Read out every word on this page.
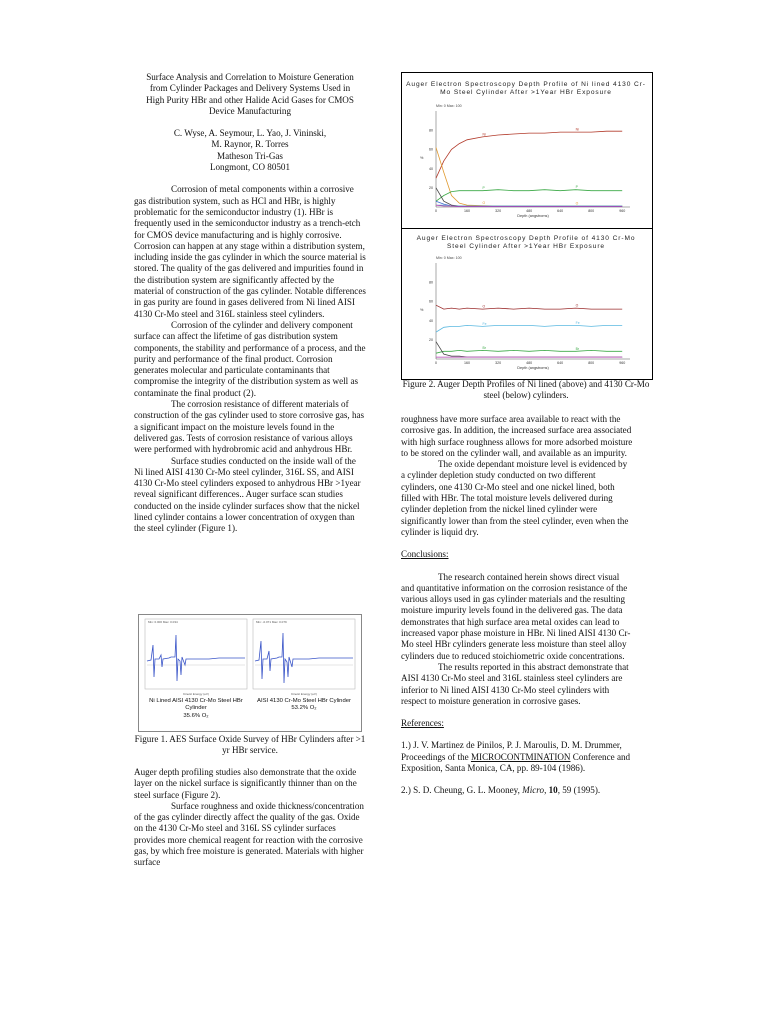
Surface Analysis and Correlation to Moisture Generation
from Cylinder Packages and Delivery Systems Used in
High Purity HBr and other Halide Acid Gases for CMOS
Device Manufacturing
C. Wyse, A. Seymour, L. Yao, J. Vininski,
M. Raynor, R. Torres
Matheson Tri-Gas
Longmont, CO 80501

Corrosion of metal components within a corrosive gas distribution system, such as HCl and HBr, is highly problematic for the semiconductor industry (1). HBr is frequently used in the semiconductor industry as a trench-etch for CMOS device manufacturing and is highly corrosive. Corrosion can happen at any stage within a distribution system, including inside the gas cylinder in which the source material is stored. The quality of the gas delivered and impurities found in the distribution system are significantly affected by the material of construction of the gas cylinder. Notable differences in gas purity are found in gases delivered from Ni lined AISI 4130 Cr-Mo steel and 316L stainless steel cylinders.

Corrosion of the cylinder and delivery component surface can affect the lifetime of gas distribution system components, the stability and performance of a process, and the purity and performance of the final product. Corrosion generates molecular and particulate contaminants that compromise the integrity of the distribution system as well as contaminate the final product (2).

The corrosion resistance of different materials of construction of the gas cylinder used to store corrosive gas, has a significant impact on the moisture levels found in the delivered gas. Tests of corrosion resistance of various alloys were performed with hydrobromic acid and anhydrous HBr.

Surface studies conducted on the inside wall of the Ni lined AISI 4130 Cr-Mo steel cylinder, 316L SS, and AISI 4130 Cr-Mo steel cylinders exposed to anhydrous HBr >1year reveal significant differences.. Auger surface scan studies conducted on the inside cylinder surfaces show that the nickel lined cylinder contains a lower concentration of oxygen than the steel cylinder (Figure 1).

Min: 0.000 Max: 0.034	Min: -0.071 Max: 0.079
Kinetic Energy (eV)	Kinetic Energy (eV)
Ni Lined AISI 4130 Cr-Mo Steel HBr Cylinder
35.6% O₂
AISI 4130 Cr-Mo Steel HBr Cylinder
53.2% O₂
Figure 1. AES Surface Oxide Survey of HBr Cylinders after >1 yr HBr service.

Auger depth profiling studies also demonstrate that the oxide layer on the nickel surface is significantly thinner than on the steel surface (Figure 2).

Surface roughness and oxide thickness/concentration of the gas cylinder directly affect the quality of the gas. Oxide on the 4130 Cr-Mo steel and 316L SS cylinder surfaces provides more chemical reagent for reaction with the corrosive gas, by which free moisture is generated. Materials with higher surface

Auger Electron Spectroscopy Depth Profile of Ni lined 4130 Cr-Mo Steel Cylinder After >1Year HBr Exposure
Min: 0 Max: 100
0	160	320	480	640	800	960
20
40
60
80
%
Depth (angstroms)
Ni
Ni
O	O
P	P
Auger Electron Spectroscopy Depth Profile of 4130 Cr-Mo Steel Cylinder After >1Year HBr Exposure
Min: 0 Max: 100
0	160	320	480	640	800	960
20
40
60
80
%
Depth (angstroms)
O	O
Fe	Fe
Br	Br
Figure 2. Auger Depth Profiles of Ni lined (above) and 4130 Cr-Mo steel (below) cylinders.

roughness have more surface area available to react with the corrosive gas. In addition, the increased surface area associated with high surface roughness allows for more adsorbed moisture to be stored on the cylinder wall, and available as an impurity.

The oxide dependant moisture level is evidenced by a cylinder depletion study conducted on two different cylinders, one 4130 Cr-Mo steel and one nickel lined, both filled with HBr. The total moisture levels delivered during cylinder depletion from the nickel lined cylinder were significantly lower than from the steel cylinder, even when the cylinder is liquid dry.

Conclusions:

The research contained herein shows direct visual and quantitative information on the corrosion resistance of the various alloys used in gas cylinder materials and the resulting moisture impurity levels found in the delivered gas. The data demonstrates that high surface area metal oxides can lead to increased vapor phase moisture in HBr. Ni lined AISI 4130 Cr-Mo steel HBr cylinders generate less moisture than steel alloy cylinders due to reduced stoichiometric oxide concentrations.

The results reported in this abstract demonstrate that AISI 4130 Cr-Mo steel and 316L stainless steel cylinders are inferior to Ni lined AISI 4130 Cr-Mo steel cylinders with respect to moisture generation in corrosive gases.

References:

1.) J. V. Martinez de Pinilos, P. J. Maroulis, D. M. Drummer, Proceedings of the MICROCONTMINATION Conference and Exposition, Santa Monica, CA, pp. 89-104 (1986).

2.) S. D. Cheung, G. L. Mooney, Micro, 10, 59 (1995).
